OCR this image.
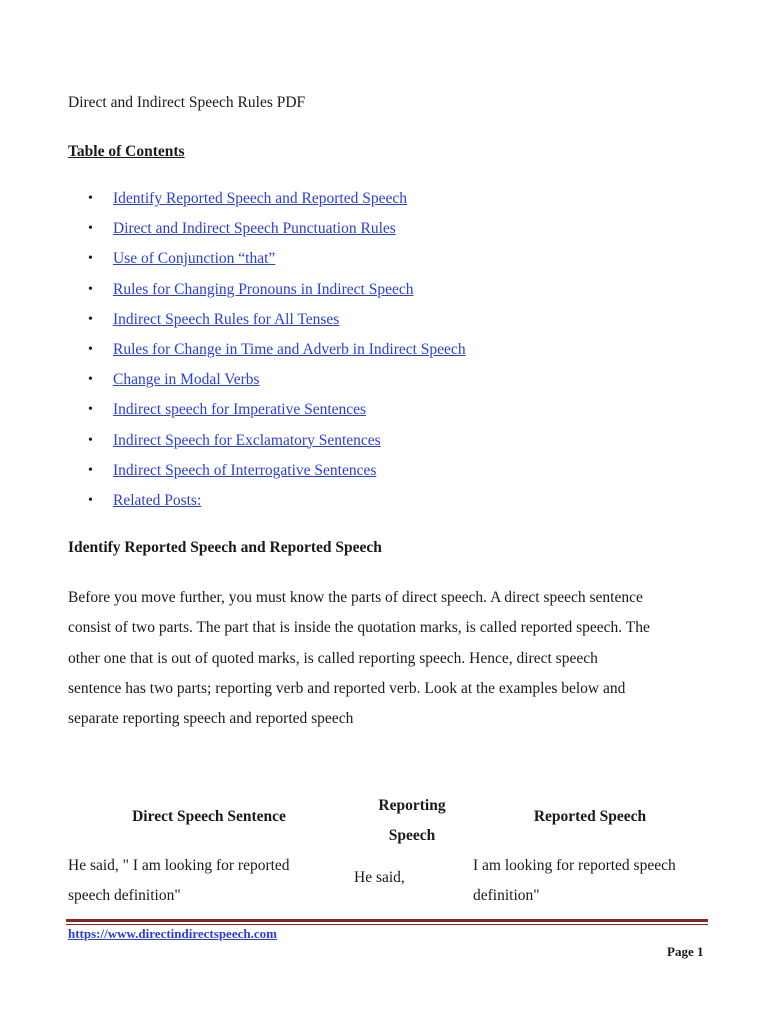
Direct and Indirect Speech Rules PDF
Table of Contents
• Identify Reported Speech and Reported Speech
• Direct and Indirect Speech Punctuation Rules
• Use of Conjunction “that”
• Rules for Changing Pronouns in Indirect Speech
• Indirect Speech Rules for All Tenses
• Rules for Change in Time and Adverb in Indirect Speech
• Change in Modal Verbs
• Indirect speech for Imperative Sentences
• Indirect Speech for Exclamatory Sentences
• Indirect Speech of Interrogative Sentences
• Related Posts:
Identify Reported Speech and Reported Speech
Before you move further, you must know the parts of direct speech. A direct speech sentence
consist of two parts. The part that is inside the quotation marks, is called reported speech. The
other one that is out of quoted marks, is called reporting speech. Hence, direct speech
sentence has two parts; reporting verb and reported verb. Look at the examples below and
separate reporting speech and reported speech
Direct Speech Sentence
Reporting
Speech
Reported Speech
He said, " I am looking for reported
speech definition"
He said,
I am looking for reported speech
definition"
https://www.directindirectspeech.com
Page 1
